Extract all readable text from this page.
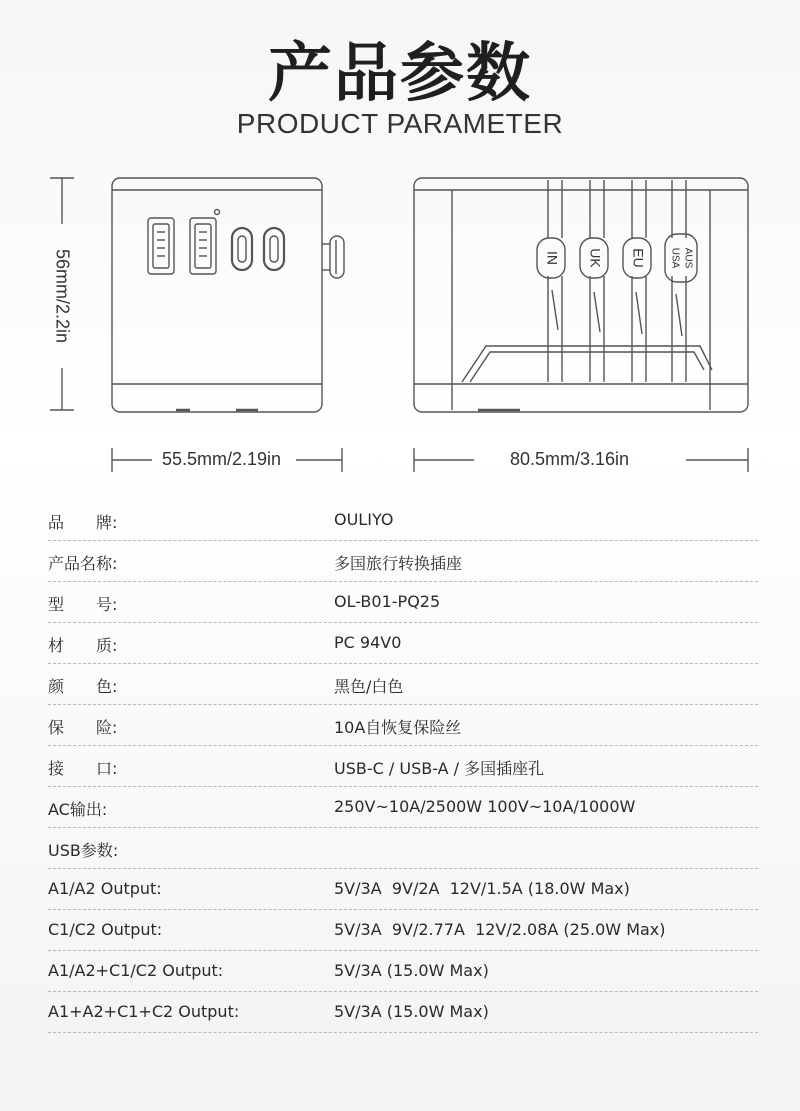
产品参数
PRODUCT PARAMETER
IN UK EU USA AUS
56mm/2.2in
55.5mm/2.19in	80.5mm/3.16in
品　　牌:	OULIYO
产品名称:	多国旅行转换插座
型　　号:	OL-B01-PQ25
材　　质:	PC 94V0
颜　　色:	黑色/白色
保　　险:	10A自恢复保险丝
接　　口:	USB-C / USB-A / 多国插座孔
AC输出:	250V~10A/2500W 100V~10A/1000W
USB参数:
A1/A2 Output:	5V/3A  9V/2A  12V/1.5A (18.0W Max)
C1/C2 Output:	5V/3A  9V/2.77A  12V/2.08A (25.0W Max)
A1/A2+C1/C2 Output:	5V/3A (15.0W Max)
A1+A2+C1+C2 Output:	5V/3A (15.0W Max)
